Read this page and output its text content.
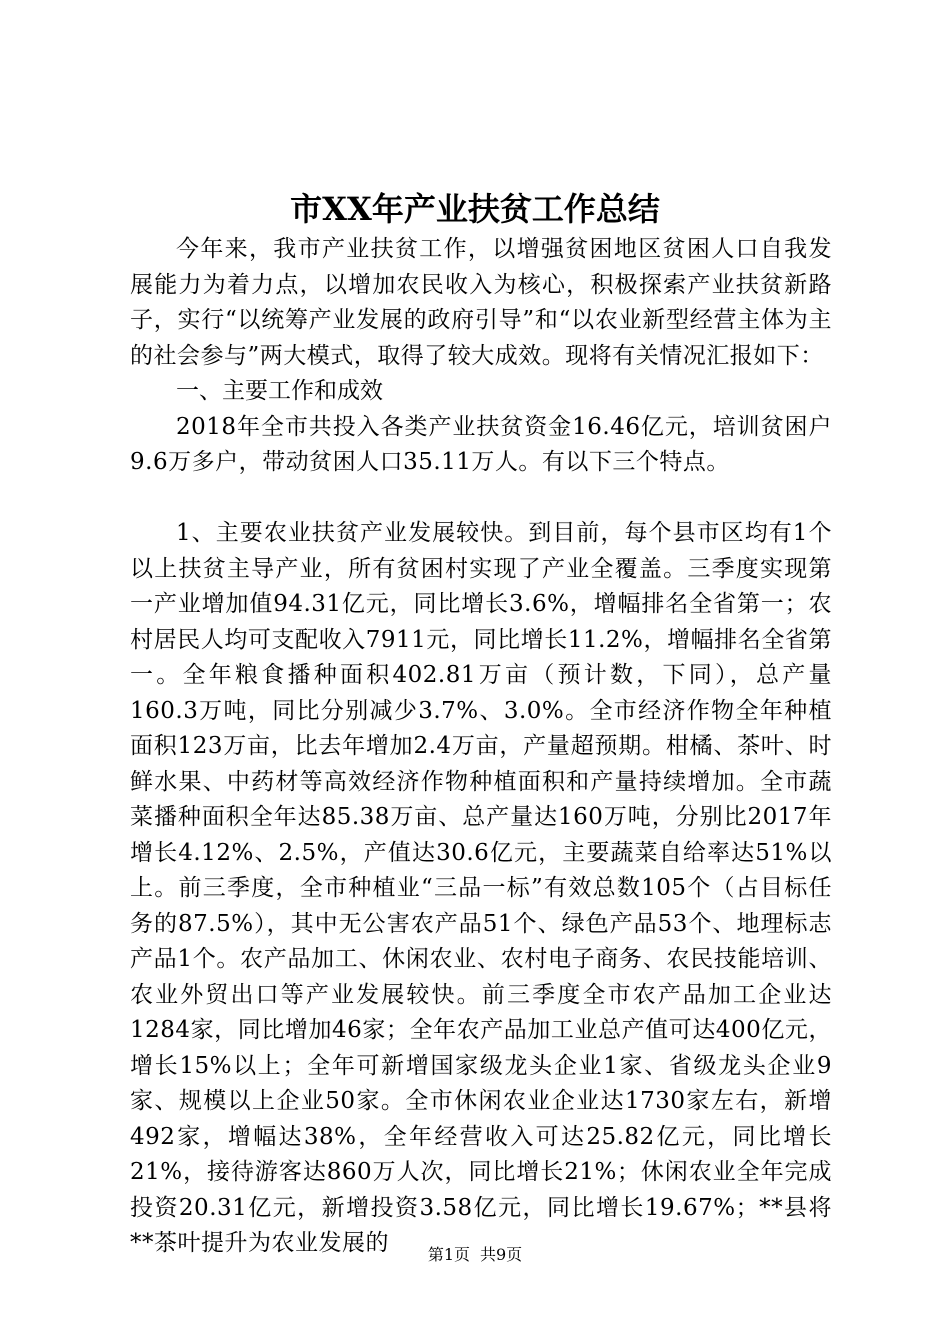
市XX年产业扶贫工作总结

今年来，我市产业扶贫工作，以增强贫困地区贫困人口自我发展能力为着力点，以增加农民收入为核心，积极探索产业扶贫新路子，实行“以统筹产业发展的政府引导”和“以农业新型经营主体为主的社会参与”两大模式，取得了较大成效。现将有关情况汇报如下：

一、主要工作和成效

2018年全市共投入各类产业扶贫资金16.46亿元，培训贫困户9.6万多户，带动贫困人口35.11万人。有以下三个特点。

1、主要农业扶贫产业发展较快。到目前，每个县市区均有1个以上扶贫主导产业，所有贫困村实现了产业全覆盖。三季度实现第一产业增加值94.31亿元，同比增长3.6%，增幅排名全省第一；农村居民人均可支配收入7911元，同比增长11.2%，增幅排名全省第一。全年粮食播种面积402.81万亩（预计数，下同），总产量160.3万吨，同比分别减少3.7%、3.0%。全市经济作物全年种植面积123万亩，比去年增加2.4万亩，产量超预期。柑橘、茶叶、时鲜水果、中药材等高效经济作物种植面积和产量持续增加。全市蔬菜播种面积全年达85.38万亩、总产量达160万吨，分别比2017年增长4.12%、2.5%，产值达30.6亿元，主要蔬菜自给率达51%以上。前三季度，全市种植业“三品一标”有效总数105个（占目标任务的87.5%），其中无公害农产品51个、绿色产品53个、地理标志产品1个。农产品加工、休闲农业、农村电子商务、农民技能培训、农业外贸出口等产业发展较快。前三季度全市农产品加工企业达1284家，同比增加46家；全年农产品加工业总产值可达400亿元，增长15%以上；全年可新增国家级龙头企业1家、省级龙头企业9家、规模以上企业50家。全市休闲农业企业达1730家左右，新增492家，增幅达38%，全年经营收入可达25.82亿元，同比增长21%，接待游客达860万人次，同比增长21%；休闲农业全年完成投资20.31亿元，新增投资3.58亿元，同比增长19.67%；**县将**茶叶提升为农业发展的	第1页 共9页
